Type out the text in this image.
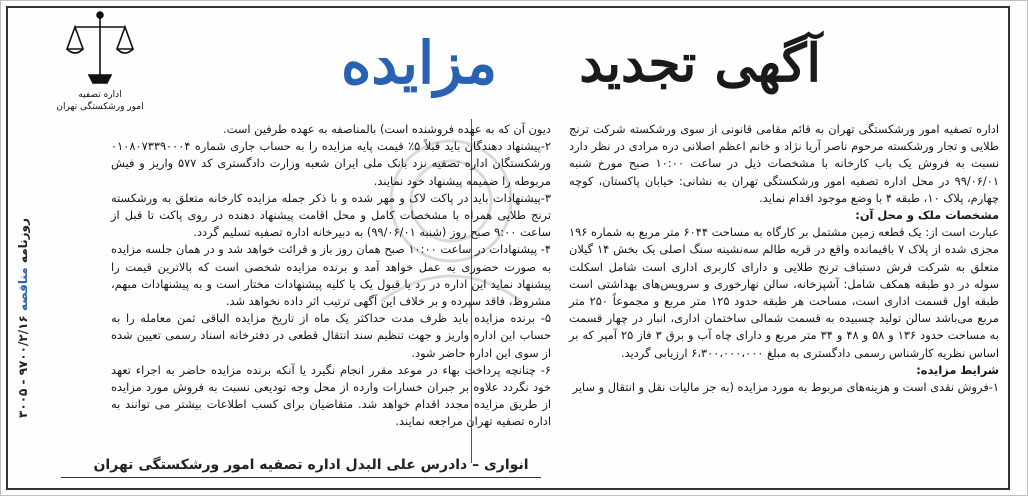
آگهی تجدید
مزایده
اداره تصفیه
امور ورشکستگی تهران

اداره تصفیه امور ورشکستگی تهران به قائم مقامی قانونی از سوی ورشکسته شرکت ترنج طلایی و تجار ورشکسته مرحوم ناصر آریا نژاد و خانم اعظم اصلانی دره مرادی در نظر دارد نسبت به فروش یک باب کارخانه با مشخصات ذیل در ساعت ۱۰:۰۰ صبح مورخ شنبه ۹۹/۰۶/۰۱ در محل اداره تصفیه امور ورشکستگی تهران به نشانی: خیابان پاکستان، کوچه چهارم، پلاک ۱۰، طبقه ۴ با وضع موجود اقدام نماید.

مشخصات ملک و محل آن:

عبارت است از: یک قطعه زمین مشتمل بر کارگاه به مساحت ۶۰۴۴ متر مربع به شماره ۱۹۶ مجزی شده از پلاک ۷ باقیمانده واقع در قریه طالم سه‌نشینه سنگ اصلی یک بخش ۱۴ گیلان متعلق به شرکت فرش دستباف ترنج طلایی و دارای کاربری اداری است شامل اسکلت سوله در دو طبقه همکف شامل: آشپزخانه، سالن نهارخوری و سرویس‌های بهداشتی است طبقه اول قسمت اداری است، مساحت هر طبقه حدود ۱۲۵ متر مربع و مجموعاً ۲۵۰ متر مربع می‌باشد سالن تولید چسبیده به قسمت شمالی ساختمان اداری، انبار در چهار قسمت به مساحت حدود ۱۳۶ و ۵۸ و ۴۸ و ۳۴ متر مربع و دارای چاه آب و برق ۳ فاز ۲۵ آمپر که بر اساس نظریه کارشناس رسمی دادگستری به مبلغ ۶،۳۰۰،۰۰۰،۰۰۰ ارزیابی گردید.

شرایط مزایده:

۱-فروش نقدی است و هزینه‌های مربوط به مورد مزایده (به جز مالیات نقل و انتقال و سایر

دیون آن که به عهده فروشنده است) بالمناصفه به عهده طرفین است.

۲-پیشنهاد دهندگان باید قبلاً ۵٪ قیمت پایه مزایده را به حساب جاری شماره ۰۱۰۸۰۷۳۳۹۰۰۰۴ ورشکستگان اداره تصفیه نزد بانک ملی ایران شعبه وزارت دادگستری کد ۵۷۷ واریز و فیش مربوطه را ضمیمه پیشنهاد خود نمایند.

۳-پیشنهادات باید در پاکت لاک و مهر شده و با ذکر جمله مزایده کارخانه متعلق به ورشکسته ترنج طلایی همراه با مشخصات کامل و محل اقامت پیشنهاد دهنده در روی پاکت تا قبل از ساعت ۹:۰۰ صبح روز (شنبه ۹۹/۰۶/۰۱) به دبیرخانه اداره تصفیه تسلیم گردد.

۴- پیشنهادات در ساعت ۱۰:۰۰ صبح همان روز باز و قرائت خواهد شد و در همان جلسه مزایده به صورت حضوری به عمل خواهد آمد و برنده مزایده شخصی است که بالاترین قیمت را پیشنهاد نماید این اداره در رد یا قبول یک یا کلیه پیشنهادات مختار است و به پیشنهادات مبهم، مشروط، فاقد سپرده و بر خلاف این آگهی ترتیب اثر داده نخواهد شد.

۵- برنده مزایده باید ظرف مدت حداکثر یک ماه از تاریخ مزایده الباقی ثمن معامله را به حساب این اداره واریز و جهت تنظیم سند انتقال قطعی در دفترخانه اسناد رسمی تعیین شده از سوی این اداره حاضر شود.

۶- چنانچه پرداخت بهاء در موعد مقرر انجام نگیرد یا آنکه برنده مزایده حاضر به اجراء تعهد خود نگردد علاوه بر جبران خسارات وارده از محل وجه تودیعی نسبت به فروش مورد مزایده از طریق مزایده مجدد اقدام خواهد شد. متقاضیان برای کسب اطلاعات بیشتر می توانند به اداره تصفیه تهران مراجعه نمایند.

روزنامه مناقصه ۹۷۰۰/۲/۱۶ - ۳۰۰۵
انواری – دادرس علی البدل اداره تصفیه امور ورشکستگی تهران
